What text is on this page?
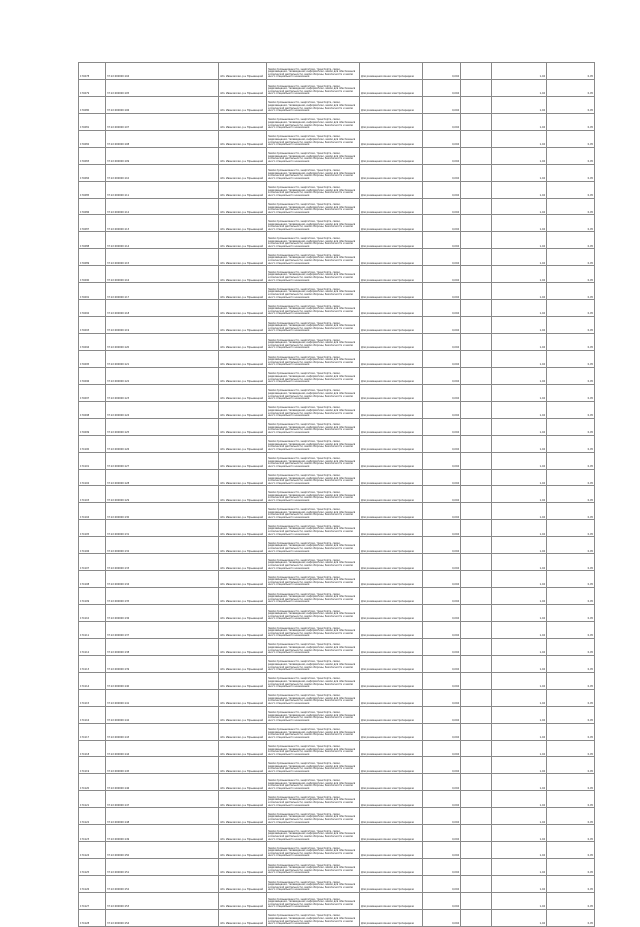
174078	37:22:000000:104	обл. Ивановская, р-н Юрьевецкий	Земли промышленности, энергетики, транспорта, связи, радиовещания, телевидения, информатики, земли для обеспечения космической деятельности, земли обороны, безопасности и земли иного специального назначения	Для размещения линии электропередачи	0,004		1,04	0,05
174079	37:22:000000:105	обл. Ивановская, р-н Юрьевецкий	Земли промышленности, энергетики, транспорта, связи, радиовещания, телевидения, информатики, земли для обеспечения космической деятельности, земли обороны, безопасности и земли иного специального назначения	Для размещения линии электропередачи	0,004		1,04	0,05
174080	37:22:000000:106	обл. Ивановская, р-н Юрьевецкий	Земли промышленности, энергетики, транспорта, связи, радиовещания, телевидения, информатики, земли для обеспечения космической деятельности, земли обороны, безопасности и земли иного специального назначения	Для размещения линии электропередачи	0,004		1,04	0,05
174081	37:22:000000:107	обл. Ивановская, р-н Юрьевецкий	Земли промышленности, энергетики, транспорта, связи, радиовещания, телевидения, информатики, земли для обеспечения космической деятельности, земли обороны, безопасности и земли иного специального назначения	Для размещения линии электропередачи	0,004		1,04	0,05
174082	37:22:000000:108	обл. Ивановская, р-н Юрьевецкий	Земли промышленности, энергетики, транспорта, связи, радиовещания, телевидения, информатики, земли для обеспечения космической деятельности, земли обороны, безопасности и земли иного специального назначения	Для размещения линии электропередачи	0,004		1,04	0,05
174083	37:22:000000:109	обл. Ивановская, р-н Юрьевецкий	Земли промышленности, энергетики, транспорта, связи, радиовещания, телевидения, информатики, земли для обеспечения космической деятельности, земли обороны, безопасности и земли иного специального назначения	Для размещения линии электропередачи	0,004		1,04	0,05
174084	37:22:000000:110	обл. Ивановская, р-н Юрьевецкий	Земли промышленности, энергетики, транспорта, связи, радиовещания, телевидения, информатики, земли для обеспечения космической деятельности, земли обороны, безопасности и земли иного специального назначения	Для размещения линии электропередачи	0,004		1,04	0,05
174085	37:22:000000:111	обл. Ивановская, р-н Юрьевецкий	Земли промышленности, энергетики, транспорта, связи, радиовещания, телевидения, информатики, земли для обеспечения космической деятельности, земли обороны, безопасности и земли иного специального назначения	Для размещения линии электропередачи	0,004		1,04	0,05
174086	37:22:000000:112	обл. Ивановская, р-н Юрьевецкий	Земли промышленности, энергетики, транспорта, связи, радиовещания, телевидения, информатики, земли для обеспечения космической деятельности, земли обороны, безопасности и земли иного специального назначения	Для размещения линии электропередачи	0,004		1,04	0,05
174087	37:22:000000:113	обл. Ивановская, р-н Юрьевецкий	Земли промышленности, энергетики, транспорта, связи, радиовещания, телевидения, информатики, земли для обеспечения космической деятельности, земли обороны, безопасности и земли иного специального назначения	Для размещения линии электропередачи	0,004		1,04	0,05
174088	37:22:000000:114	обл. Ивановская, р-н Юрьевецкий	Земли промышленности, энергетики, транспорта, связи, радиовещания, телевидения, информатики, земли для обеспечения космической деятельности, земли обороны, безопасности и земли иного специального назначения	Для размещения линии электропередачи	0,004		1,04	0,05
174089	37:22:000000:115	обл. Ивановская, р-н Юрьевецкий	Земли промышленности, энергетики, транспорта, связи, радиовещания, телевидения, информатики, земли для обеспечения космической деятельности, земли обороны, безопасности и земли иного специального назначения	Для размещения линии электропередачи	0,004		1,04	0,05
174090	37:22:000000:116	обл. Ивановская, р-н Юрьевецкий	Земли промышленности, энергетики, транспорта, связи, радиовещания, телевидения, информатики, земли для обеспечения космической деятельности, земли обороны, безопасности и земли иного специального назначения	Для размещения линии электропередачи	0,004		1,04	0,05
174091	37:22:000000:117	обл. Ивановская, р-н Юрьевецкий	Земли промышленности, энергетики, транспорта, связи, радиовещания, телевидения, информатики, земли для обеспечения космической деятельности, земли обороны, безопасности и земли иного специального назначения	Для размещения линии электропередачи	0,004		1,04	0,05
174092	37:22:000000:118	обл. Ивановская, р-н Юрьевецкий	Земли промышленности, энергетики, транспорта, связи, радиовещания, телевидения, информатики, земли для обеспечения космической деятельности, земли обороны, безопасности и земли иного специального назначения	Для размещения линии электропередачи	0,004		1,04	0,05
174093	37:22:000000:119	обл. Ивановская, р-н Юрьевецкий	Земли промышленности, энергетики, транспорта, связи, радиовещания, телевидения, информатики, земли для обеспечения космической деятельности, земли обороны, безопасности и земли иного специального назначения	Для размещения линии электропередачи	0,004		1,04	0,05
174094	37:22:000000:120	обл. Ивановская, р-н Юрьевецкий	Земли промышленности, энергетики, транспорта, связи, радиовещания, телевидения, информатики, земли для обеспечения космической деятельности, земли обороны, безопасности и земли иного специального назначения	Для размещения линии электропередачи	0,004		1,04	0,05
174095	37:22:000000:121	обл. Ивановская, р-н Юрьевецкий	Земли промышленности, энергетики, транспорта, связи, радиовещания, телевидения, информатики, земли для обеспечения космической деятельности, земли обороны, безопасности и земли иного специального назначения	Для размещения линии электропередачи	0,004		1,04	0,05
174096	37:22:000000:122	обл. Ивановская, р-н Юрьевецкий	Земли промышленности, энергетики, транспорта, связи, радиовещания, телевидения, информатики, земли для обеспечения космической деятельности, земли обороны, безопасности и земли иного специального назначения	Для размещения линии электропередачи	0,004		1,04	0,05
174097	37:22:000000:123	обл. Ивановская, р-н Юрьевецкий	Земли промышленности, энергетики, транспорта, связи, радиовещания, телевидения, информатики, земли для обеспечения космической деятельности, земли обороны, безопасности и земли иного специального назначения	Для размещения линии электропередачи	0,004		1,04	0,05
174098	37:22:000000:124	обл. Ивановская, р-н Юрьевецкий	Земли промышленности, энергетики, транспорта, связи, радиовещания, телевидения, информатики, земли для обеспечения космической деятельности, земли обороны, безопасности и земли иного специального назначения	Для размещения линии электропередачи	0,004		1,04	0,05
174099	37:22:000000:125	обл. Ивановская, р-н Юрьевецкий	Земли промышленности, энергетики, транспорта, связи, радиовещания, телевидения, информатики, земли для обеспечения космической деятельности, земли обороны, безопасности и земли иного специального назначения	Для размещения линии электропередачи	0,004		1,04	0,05
174100	37:22:000000:126	обл. Ивановская, р-н Юрьевецкий	Земли промышленности, энергетики, транспорта, связи, радиовещания, телевидения, информатики, земли для обеспечения космической деятельности, земли обороны, безопасности и земли иного специального назначения	Для размещения линии электропередачи	0,004		1,04	0,05
174101	37:22:000000:127	обл. Ивановская, р-н Юрьевецкий	Земли промышленности, энергетики, транспорта, связи, радиовещания, телевидения, информатики, земли для обеспечения космической деятельности, земли обороны, безопасности и земли иного специального назначения	Для размещения линии электропередачи	0,004		1,04	0,05
174102	37:22:000000:128	обл. Ивановская, р-н Юрьевецкий	Земли промышленности, энергетики, транспорта, связи, радиовещания, телевидения, информатики, земли для обеспечения космической деятельности, земли обороны, безопасности и земли иного специального назначения	Для размещения линии электропередачи	0,004		1,04	0,05
174103	37:22:000000:129	обл. Ивановская, р-н Юрьевецкий	Земли промышленности, энергетики, транспорта, связи, радиовещания, телевидения, информатики, земли для обеспечения космической деятельности, земли обороны, безопасности и земли иного специального назначения	Для размещения линии электропередачи	0,004		1,04	0,05
174104	37:22:000000:130	обл. Ивановская, р-н Юрьевецкий	Земли промышленности, энергетики, транспорта, связи, радиовещания, телевидения, информатики, земли для обеспечения космической деятельности, земли обороны, безопасности и земли иного специального назначения	Для размещения линии электропередачи	0,004		1,04	0,05
174105	37:22:000000:131	обл. Ивановская, р-н Юрьевецкий	Земли промышленности, энергетики, транспорта, связи, радиовещания, телевидения, информатики, земли для обеспечения космической деятельности, земли обороны, безопасности и земли иного специального назначения	Для размещения линии электропередачи	0,004		1,04	0,05
174106	37:22:000000:132	обл. Ивановская, р-н Юрьевецкий	Земли промышленности, энергетики, транспорта, связи, радиовещания, телевидения, информатики, земли для обеспечения космической деятельности, земли обороны, безопасности и земли иного специального назначения	Для размещения линии электропередачи	0,004		1,04	0,05
174107	37:22:000000:133	обл. Ивановская, р-н Юрьевецкий	Земли промышленности, энергетики, транспорта, связи, радиовещания, телевидения, информатики, земли для обеспечения космической деятельности, земли обороны, безопасности и земли иного специального назначения	Для размещения линии электропередачи	0,004		1,04	0,05
174108	37:22:000000:134	обл. Ивановская, р-н Юрьевецкий	Земли промышленности, энергетики, транспорта, связи, радиовещания, телевидения, информатики, земли для обеспечения космической деятельности, земли обороны, безопасности и земли иного специального назначения	Для размещения линии электропередачи	0,004		1,04	0,05
174109	37:22:000000:135	обл. Ивановская, р-н Юрьевецкий	Земли промышленности, энергетики, транспорта, связи, радиовещания, телевидения, информатики, земли для обеспечения космической деятельности, земли обороны, безопасности и земли иного специального назначения	Для размещения линии электропередачи	0,004		1,04	0,05
174110	37:22:000000:136	обл. Ивановская, р-н Юрьевецкий	Земли промышленности, энергетики, транспорта, связи, радиовещания, телевидения, информатики, земли для обеспечения космической деятельности, земли обороны, безопасности и земли иного специального назначения	Для размещения линии электропередачи	0,004		1,04	0,05
174111	37:22:000000:137	обл. Ивановская, р-н Юрьевецкий	Земли промышленности, энергетики, транспорта, связи, радиовещания, телевидения, информатики, земли для обеспечения космической деятельности, земли обороны, безопасности и земли иного специального назначения	Для размещения линии электропередачи	0,004		1,04	0,05
174112	37:22:000000:138	обл. Ивановская, р-н Юрьевецкий	Земли промышленности, энергетики, транспорта, связи, радиовещания, телевидения, информатики, земли для обеспечения космической деятельности, земли обороны, безопасности и земли иного специального назначения	Для размещения линии электропередачи	0,004		1,04	0,05
174113	37:22:000000:139	обл. Ивановская, р-н Юрьевецкий	Земли промышленности, энергетики, транспорта, связи, радиовещания, телевидения, информатики, земли для обеспечения космической деятельности, земли обороны, безопасности и земли иного специального назначения	Для размещения линии электропередачи	0,004		1,04	0,05
174114	37:22:000000:140	обл. Ивановская, р-н Юрьевецкий	Земли промышленности, энергетики, транспорта, связи, радиовещания, телевидения, информатики, земли для обеспечения космической деятельности, земли обороны, безопасности и земли иного специального назначения	Для размещения линии электропередачи	0,004		1,04	0,05
174115	37:22:000000:141	обл. Ивановская, р-н Юрьевецкий	Земли промышленности, энергетики, транспорта, связи, радиовещания, телевидения, информатики, земли для обеспечения космической деятельности, земли обороны, безопасности и земли иного специального назначения	Для размещения линии электропередачи	0,004		1,04	0,05
174116	37:22:000000:142	обл. Ивановская, р-н Юрьевецкий	Земли промышленности, энергетики, транспорта, связи, радиовещания, телевидения, информатики, земли для обеспечения космической деятельности, земли обороны, безопасности и земли иного специального назначения	Для размещения линии электропередачи	0,004		1,04	0,05
174117	37:22:000000:143	обл. Ивановская, р-н Юрьевецкий	Земли промышленности, энергетики, транспорта, связи, радиовещания, телевидения, информатики, земли для обеспечения космической деятельности, земли обороны, безопасности и земли иного специального назначения	Для размещения линии электропередачи	0,004		1,04	0,05
174118	37:22:000000:144	обл. Ивановская, р-н Юрьевецкий	Земли промышленности, энергетики, транспорта, связи, радиовещания, телевидения, информатики, земли для обеспечения космической деятельности, земли обороны, безопасности и земли иного специального назначения	Для размещения линии электропередачи	0,004		1,04	0,05
174119	37:22:000000:145	обл. Ивановская, р-н Юрьевецкий	Земли промышленности, энергетики, транспорта, связи, радиовещания, телевидения, информатики, земли для обеспечения космической деятельности, земли обороны, безопасности и земли иного специального назначения	Для размещения линии электропередачи	0,004		1,04	0,05
174120	37:22:000000:146	обл. Ивановская, р-н Юрьевецкий	Земли промышленности, энергетики, транспорта, связи, радиовещания, телевидения, информатики, земли для обеспечения космической деятельности, земли обороны, безопасности и земли иного специального назначения	Для размещения линии электропередачи	0,004		1,04	0,05
174121	37:22:000000:147	обл. Ивановская, р-н Юрьевецкий	Земли промышленности, энергетики, транспорта, связи, радиовещания, телевидения, информатики, земли для обеспечения космической деятельности, земли обороны, безопасности и земли иного специального назначения	Для размещения линии электропередачи	0,004		1,04	0,05
174122	37:22:000000:148	обл. Ивановская, р-н Юрьевецкий	Земли промышленности, энергетики, транспорта, связи, радиовещания, телевидения, информатики, земли для обеспечения космической деятельности, земли обороны, безопасности и земли иного специального назначения	Для размещения линии электропередачи	0,004		1,04	0,05
174123	37:22:000000:149	обл. Ивановская, р-н Юрьевецкий	Земли промышленности, энергетики, транспорта, связи, радиовещания, телевидения, информатики, земли для обеспечения космической деятельности, земли обороны, безопасности и земли иного специального назначения	Для размещения линии электропередачи	0,004		1,04	0,05
174124	37:22:000000:150	обл. Ивановская, р-н Юрьевецкий	Земли промышленности, энергетики, транспорта, связи, радиовещания, телевидения, информатики, земли для обеспечения космической деятельности, земли обороны, безопасности и земли иного специального назначения	Для размещения линии электропередачи	0,004		1,04	0,05
174125	37:22:000000:151	обл. Ивановская, р-н Юрьевецкий	Земли промышленности, энергетики, транспорта, связи, радиовещания, телевидения, информатики, земли для обеспечения космической деятельности, земли обороны, безопасности и земли иного специального назначения	Для размещения линии электропередачи	0,004		1,04	0,05
174126	37:22:000000:152	обл. Ивановская, р-н Юрьевецкий	Земли промышленности, энергетики, транспорта, связи, радиовещания, телевидения, информатики, земли для обеспечения космической деятельности, земли обороны, безопасности и земли иного специального назначения	Для размещения линии электропередачи	0,004		1,04	0,05
174127	37:22:000000:153	обл. Ивановская, р-н Юрьевецкий	Земли промышленности, энергетики, транспорта, связи, радиовещания, телевидения, информатики, земли для обеспечения космической деятельности, земли обороны, безопасности и земли иного специального назначения	Для размещения линии электропередачи	0,004		1,04	0,05
174128	37:22:000000:154	обл. Ивановская, р-н Юрьевецкий	Земли промышленности, энергетики, транспорта, связи, радиовещания, телевидения, информатики, земли для обеспечения космической деятельности, земли обороны, безопасности и земли иного специального назначения	Для размещения линии электропередачи	0,004		1,04	0,05
